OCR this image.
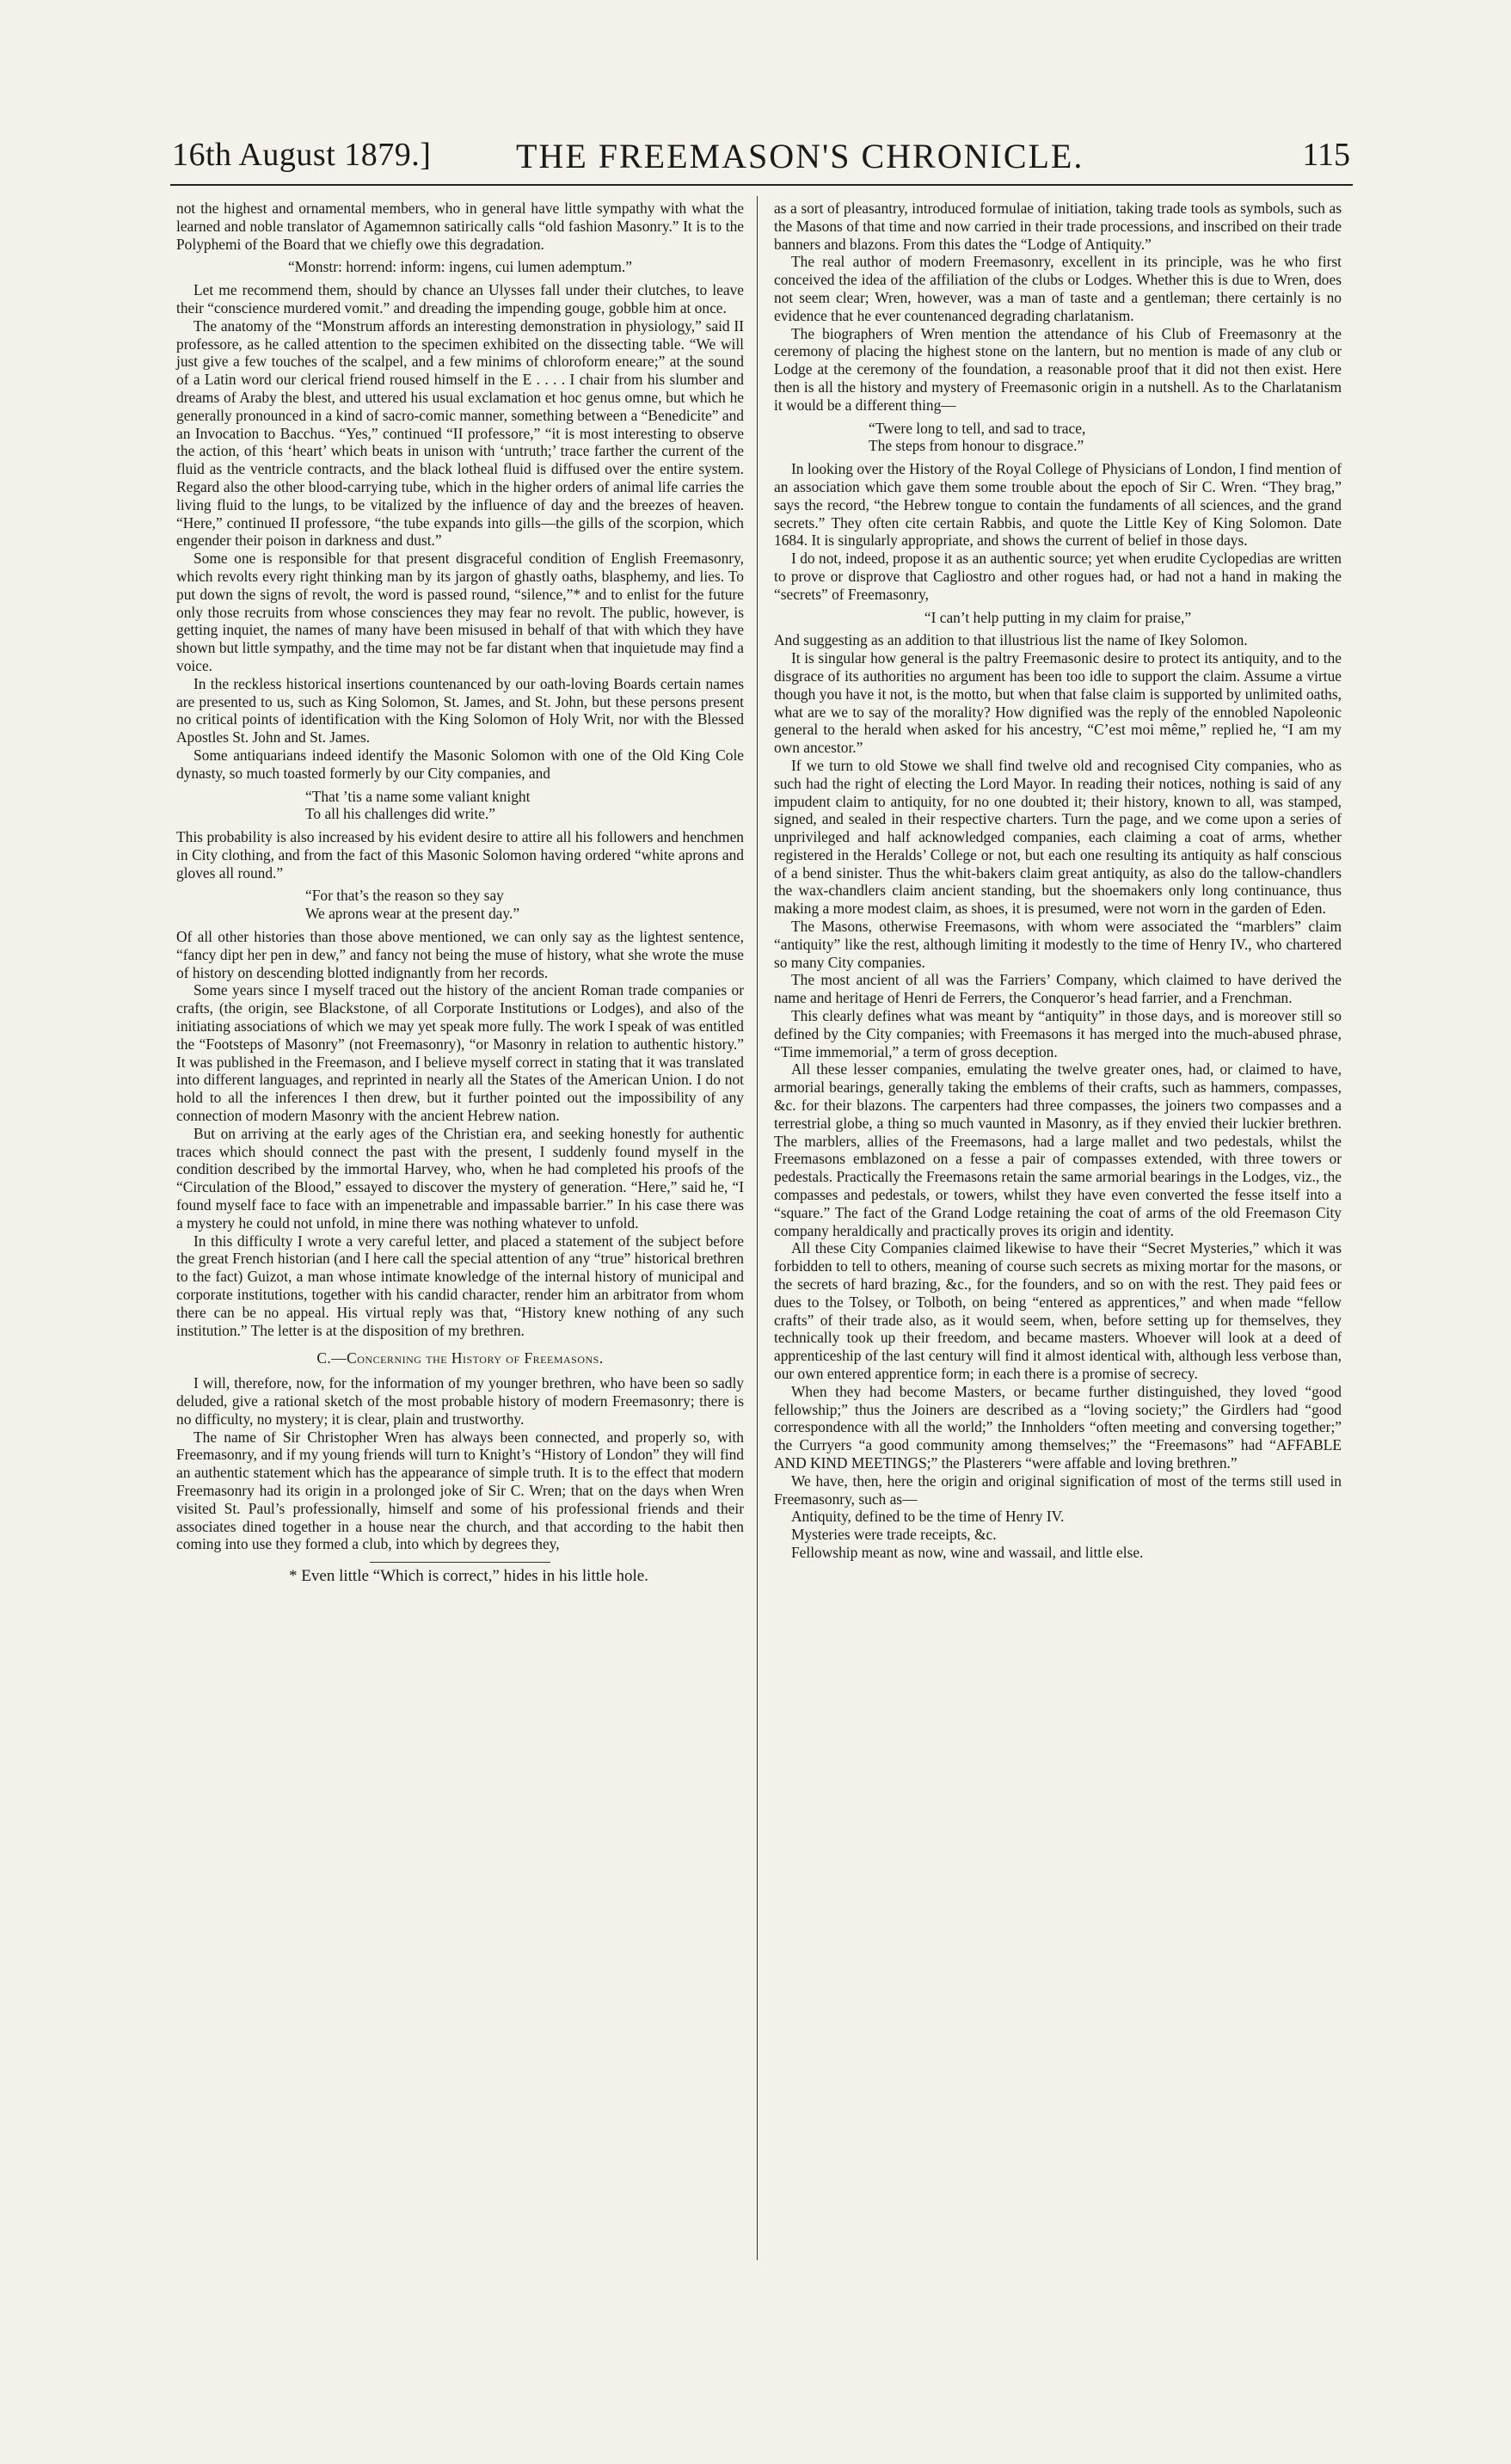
16th August 1879.] THE FREEMASON'S CHRONICLE.	115

not the highest and ornamental members, who in general have little sympathy with what the learned and noble translator of Agamemnon satirically calls “old fashion Masonry.” It is to the Polyphemi of the Board that we chiefly owe this degradation.

“Monstr: horrend: inform: ingens, cui lumen ademptum.”

Let me recommend them, should by chance an Ulysses fall under their clutches, to leave their “conscience murdered vomit.” and dreading the impending gouge, gobble him at once.

The anatomy of the “Monstrum affords an interesting demonstration in physiology,” said II professore, as he called attention to the specimen exhibited on the dissecting table. “We will just give a few touches of the scalpel, and a few minims of chloroform eneare;” at the sound of a Latin word our clerical friend roused himself in the E . . . . I chair from his slumber and dreams of Araby the blest, and uttered his usual exclamation et hoc genus omne, but which he generally pronounced in a kind of sacro-comic manner, something between a “Benedicite” and an Invocation to Bacchus. “Yes,” continued “II professore,” “it is most interesting to observe the action, of this ‘heart’ which beats in unison with ‘untruth;’ trace farther the current of the fluid as the ventricle contracts, and the black lotheal fluid is diffused over the entire system. Regard also the other blood-carrying tube, which in the higher orders of animal life carries the living fluid to the lungs, to be vitalized by the influence of day and the breezes of heaven. “Here,” continued II professore, “the tube expands into gills—the gills of the scorpion, which engender their poison in darkness and dust.”

Some one is responsible for that present disgraceful condition of English Freemasonry, which revolts every right thinking man by its jargon of ghastly oaths, blasphemy, and lies. To put down the signs of revolt, the word is passed round, “silence,”* and to enlist for the future only those recruits from whose consciences they may fear no revolt. The public, however, is getting inquiet, the names of many have been misused in behalf of that with which they have shown but little sympathy, and the time may not be far distant when that inquietude may find a voice.

In the reckless historical insertions countenanced by our oath-loving Boards certain names are presented to us, such as King Solomon, St. James, and St. John, but these persons present no critical points of identification with the King Solomon of Holy Writ, nor with the Blessed Apostles St. John and St. James.

Some antiquarians indeed identify the Masonic Solomon with one of the Old King Cole dynasty, so much toasted formerly by our City companies, and

“That ’tis a name some valiant knight
To all his challenges did write.”

This probability is also increased by his evident desire to attire all his followers and henchmen in City clothing, and from the fact of this Masonic Solomon having ordered “white aprons and gloves all round.”

“For that’s the reason so they say
We aprons wear at the present day.”

Of all other histories than those above mentioned, we can only say as the lightest sentence, “fancy dipt her pen in dew,” and fancy not being the muse of history, what she wrote the muse of history on descending blotted indignantly from her records.

Some years since I myself traced out the history of the ancient Roman trade companies or crafts, (the origin, see Blackstone, of all Corporate Institutions or Lodges), and also of the initiating associations of which we may yet speak more fully. The work I speak of was entitled the “Footsteps of Masonry” (not Freemasonry), “or Masonry in relation to authentic history.” It was published in the Freemason, and I believe myself correct in stating that it was translated into different languages, and reprinted in nearly all the States of the American Union. I do not hold to all the inferences I then drew, but it further pointed out the impossibility of any connection of modern Masonry with the ancient Hebrew nation.

But on arriving at the early ages of the Christian era, and seeking honestly for authentic traces which should connect the past with the present, I suddenly found myself in the condition described by the immortal Harvey, who, when he had completed his proofs of the “Circulation of the Blood,” essayed to discover the mystery of generation. “Here,” said he, “I found myself face to face with an impenetrable and impassable barrier.” In his case there was a mystery he could not unfold, in mine there was nothing whatever to unfold.

In this difficulty I wrote a very careful letter, and placed a statement of the subject before the great French historian (and I here call the special attention of any “true” historical brethren to the fact) Guizot, a man whose intimate knowledge of the internal history of municipal and corporate institutions, together with his candid character, render him an arbitrator from whom there can be no appeal. His virtual reply was that, “History knew nothing of any such institution.” The letter is at the disposition of my brethren.

C.—Concerning the History of Freemasons.

I will, therefore, now, for the information of my younger brethren, who have been so sadly deluded, give a rational sketch of the most probable history of modern Freemasonry; there is no difficulty, no mystery; it is clear, plain and trustworthy.

The name of Sir Christopher Wren has always been connected, and properly so, with Freemasonry, and if my young friends will turn to Knight’s “History of London” they will find an authentic statement which has the appearance of simple truth. It is to the effect that modern Freemasonry had its origin in a prolonged joke of Sir C. Wren; that on the days when Wren visited St. Paul’s professionally, himself and some of his professional friends and their associates dined together in a house near the church, and that according to the habit then coming into use they formed a club, into which by degrees they,

* Even little “Which is correct,” hides in his little hole.

as a sort of pleasantry, introduced formulae of initiation, taking trade tools as symbols, such as the Masons of that time and now carried in their trade processions, and inscribed on their trade banners and blazons. From this dates the “Lodge of Antiquity.”

The real author of modern Freemasonry, excellent in its principle, was he who first conceived the idea of the affiliation of the clubs or Lodges. Whether this is due to Wren, does not seem clear; Wren, however, was a man of taste and a gentleman; there certainly is no evidence that he ever countenanced degrading charlatanism.

The biographers of Wren mention the attendance of his Club of Freemasonry at the ceremony of placing the highest stone on the lantern, but no mention is made of any club or Lodge at the ceremony of the foundation, a reasonable proof that it did not then exist. Here then is all the history and mystery of Freemasonic origin in a nutshell. As to the Charlatanism it would be a different thing—

“Twere long to tell, and sad to trace,
The steps from honour to disgrace.”

In looking over the History of the Royal College of Physicians of London, I find mention of an association which gave them some trouble about the epoch of Sir C. Wren. “They brag,” says the record, “the Hebrew tongue to contain the fundaments of all sciences, and the grand secrets.” They often cite certain Rabbis, and quote the Little Key of King Solomon. Date 1684. It is singularly appropriate, and shows the current of belief in those days.

I do not, indeed, propose it as an authentic source; yet when erudite Cyclopedias are written to prove or disprove that Cagliostro and other rogues had, or had not a hand in making the “secrets” of Freemasonry,

“I can’t help putting in my claim for praise,”

And suggesting as an addition to that illustrious list the name of Ikey Solomon.

It is singular how general is the paltry Freemasonic desire to protect its antiquity, and to the disgrace of its authorities no argument has been too idle to support the claim. Assume a virtue though you have it not, is the motto, but when that false claim is supported by unlimited oaths, what are we to say of the morality? How dignified was the reply of the ennobled Napoleonic general to the herald when asked for his ancestry, “C’est moi même,” replied he, “I am my own ancestor.”

If we turn to old Stowe we shall find twelve old and recognised City companies, who as such had the right of electing the Lord Mayor. In reading their notices, nothing is said of any impudent claim to antiquity, for no one doubted it; their history, known to all, was stamped, signed, and sealed in their respective charters. Turn the page, and we come upon a series of unprivileged and half acknowledged companies, each claiming a coat of arms, whether registered in the Heralds’ College or not, but each one resulting its antiquity as half conscious of a bend sinister. Thus the whit-bakers claim great antiquity, as also do the tallow-chandlers the wax-chandlers claim ancient standing, but the shoemakers only long continuance, thus making a more modest claim, as shoes, it is presumed, were not worn in the garden of Eden.

The Masons, otherwise Freemasons, with whom were associated the “marblers” claim “antiquity” like the rest, although limiting it modestly to the time of Henry IV., who chartered so many City companies.

The most ancient of all was the Farriers’ Company, which claimed to have derived the name and heritage of Henri de Ferrers, the Conqueror’s head farrier, and a Frenchman.

This clearly defines what was meant by “antiquity” in those days, and is moreover still so defined by the City companies; with Freemasons it has merged into the much-abused phrase, “Time immemorial,” a term of gross deception.

All these lesser companies, emulating the twelve greater ones, had, or claimed to have, armorial bearings, generally taking the emblems of their crafts, such as hammers, compasses, &c. for their blazons. The carpenters had three compasses, the joiners two compasses and a terrestrial globe, a thing so much vaunted in Masonry, as if they envied their luckier brethren. The marblers, allies of the Freemasons, had a large mallet and two pedestals, whilst the Freemasons emblazoned on a fesse a pair of compasses extended, with three towers or pedestals. Practically the Freemasons retain the same armorial bearings in the Lodges, viz., the compasses and pedestals, or towers, whilst they have even converted the fesse itself into a “square.” The fact of the Grand Lodge retaining the coat of arms of the old Freemason City company heraldically and practically proves its origin and identity.

All these City Companies claimed likewise to have their “Secret Mysteries,” which it was forbidden to tell to others, meaning of course such secrets as mixing mortar for the masons, or the secrets of hard brazing, &c., for the founders, and so on with the rest. They paid fees or dues to the Tolsey, or Tolboth, on being “entered as apprentices,” and when made “fellow crafts” of their trade also, as it would seem, when, before setting up for themselves, they technically took up their freedom, and became masters. Whoever will look at a deed of apprenticeship of the last century will find it almost identical with, although less verbose than, our own entered apprentice form; in each there is a promise of secrecy.

When they had become Masters, or became further distinguished, they loved “good fellowship;” thus the Joiners are described as a “loving society;” the Girdlers had “good correspondence with all the world;” the Innholders “often meeting and conversing together;” the Curryers “a good community among themselves;” the “Freemasons” had “AFFABLE AND KIND MEETINGS;” the Plasterers “were affable and loving brethren.”

We have, then, here the origin and original signification of most of the terms still used in Freemasonry, such as—

Antiquity, defined to be the time of Henry IV.

Mysteries were trade receipts, &c.

Fellowship meant as now, wine and wassail, and little else.
